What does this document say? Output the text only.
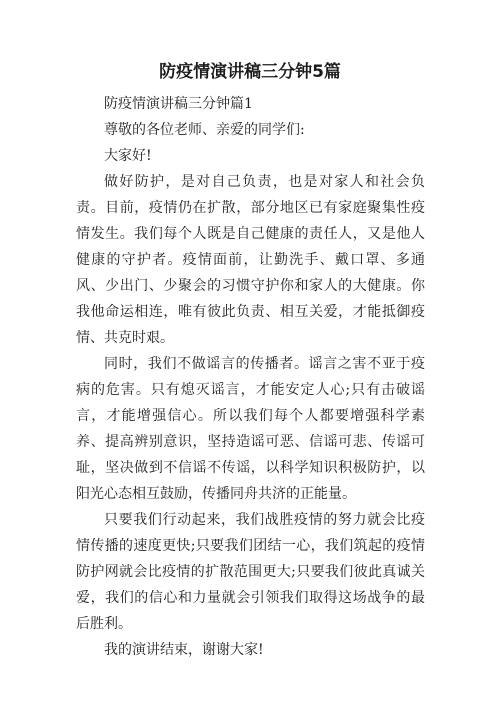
防疫情演讲稿三分钟5篇

防疫情演讲稿三分钟篇1

尊敬的各位老师、亲爱的同学们:

大家好!

做好防护，是对自己负责，也是对家人和社会负责。目前，疫情仍在扩散，部分地区已有家庭聚集性疫情发生。我们每个人既是自己健康的责任人，又是他人健康的守护者。疫情面前，让勤洗手、戴口罩、多通风、少出门、少聚会的习惯守护你和家人的大健康。你我他命运相连，唯有彼此负责、相互关爱，才能抵御疫情、共克时艰。

同时，我们不做谣言的传播者。谣言之害不亚于疫病的危害。只有熄灭谣言，才能安定人心;只有击破谣言，才能增强信心。所以我们每个人都要增强科学素养、提高辨别意识，坚持造谣可恶、信谣可悲、传谣可耻，坚决做到不信谣不传谣，以科学知识积极防护，以阳光心态相互鼓励，传播同舟共济的正能量。

只要我们行动起来，我们战胜疫情的努力就会比疫情传播的速度更快;只要我们团结一心，我们筑起的疫情防护网就会比疫情的扩散范围更大;只要我们彼此真诚关爱，我们的信心和力量就会引领我们取得这场战争的最后胜利。

我的演讲结束，谢谢大家!
